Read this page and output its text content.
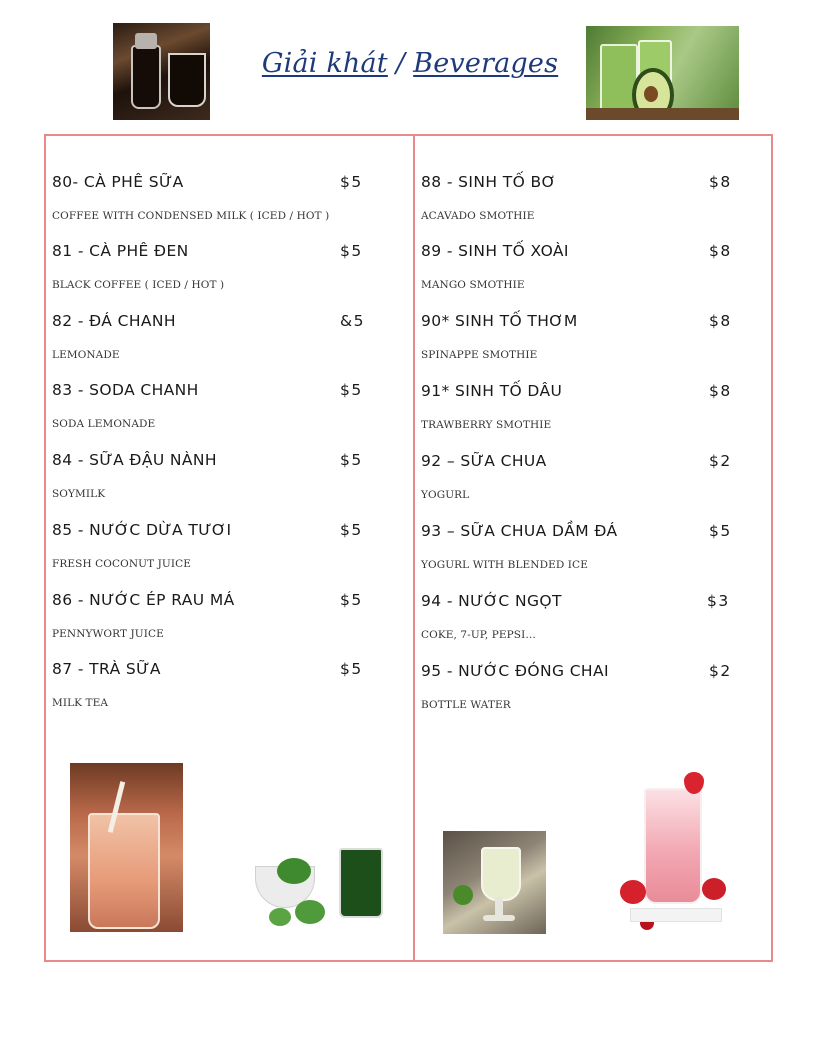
Giải khát / Beverages
80- CÀ PHÊ SỮA	$5
COFFEE WITH CONDENSED MILK ( ICED / HOT )
81 - CÀ PHÊ ĐEN	$5
BLACK COFFEE ( ICED / HOT )
82 - ĐÁ CHANH	&5
LEMONADE
83 - SODA CHANH	$5
SODA LEMONADE
84 - SỮA ĐẬU NÀNH	$5
SOYMILK
85 - NƯỚC DỪA TƯƠI	$5
FRESH COCONUT JUICE
86 - NƯỚC ÉP RAU MÁ	$5
PENNYWORT JUICE
87 - TRÀ SỮA	$5
MILK TEA
88 - SINH TỐ BƠ	$8
ACAVADO SMOTHIE
89 - SINH TỐ XOÀI	$8
MANGO SMOTHIE
90* SINH TỐ THƠM	$8
SPINAPPE SMOTHIE
91* SINH TỐ DÂU	$8
TRAWBERRY SMOTHIE
92 – SỮA CHUA	$2
YOGURL
93 – SỮA CHUA DẦM ĐÁ	$5
YOGURL WITH BLENDED ICE
94 - NƯỚC NGỌT	$3
COKE, 7-UP, PEPSI…
95 - NƯỚC ĐÓNG CHAI	$2
BOTTLE WATER
